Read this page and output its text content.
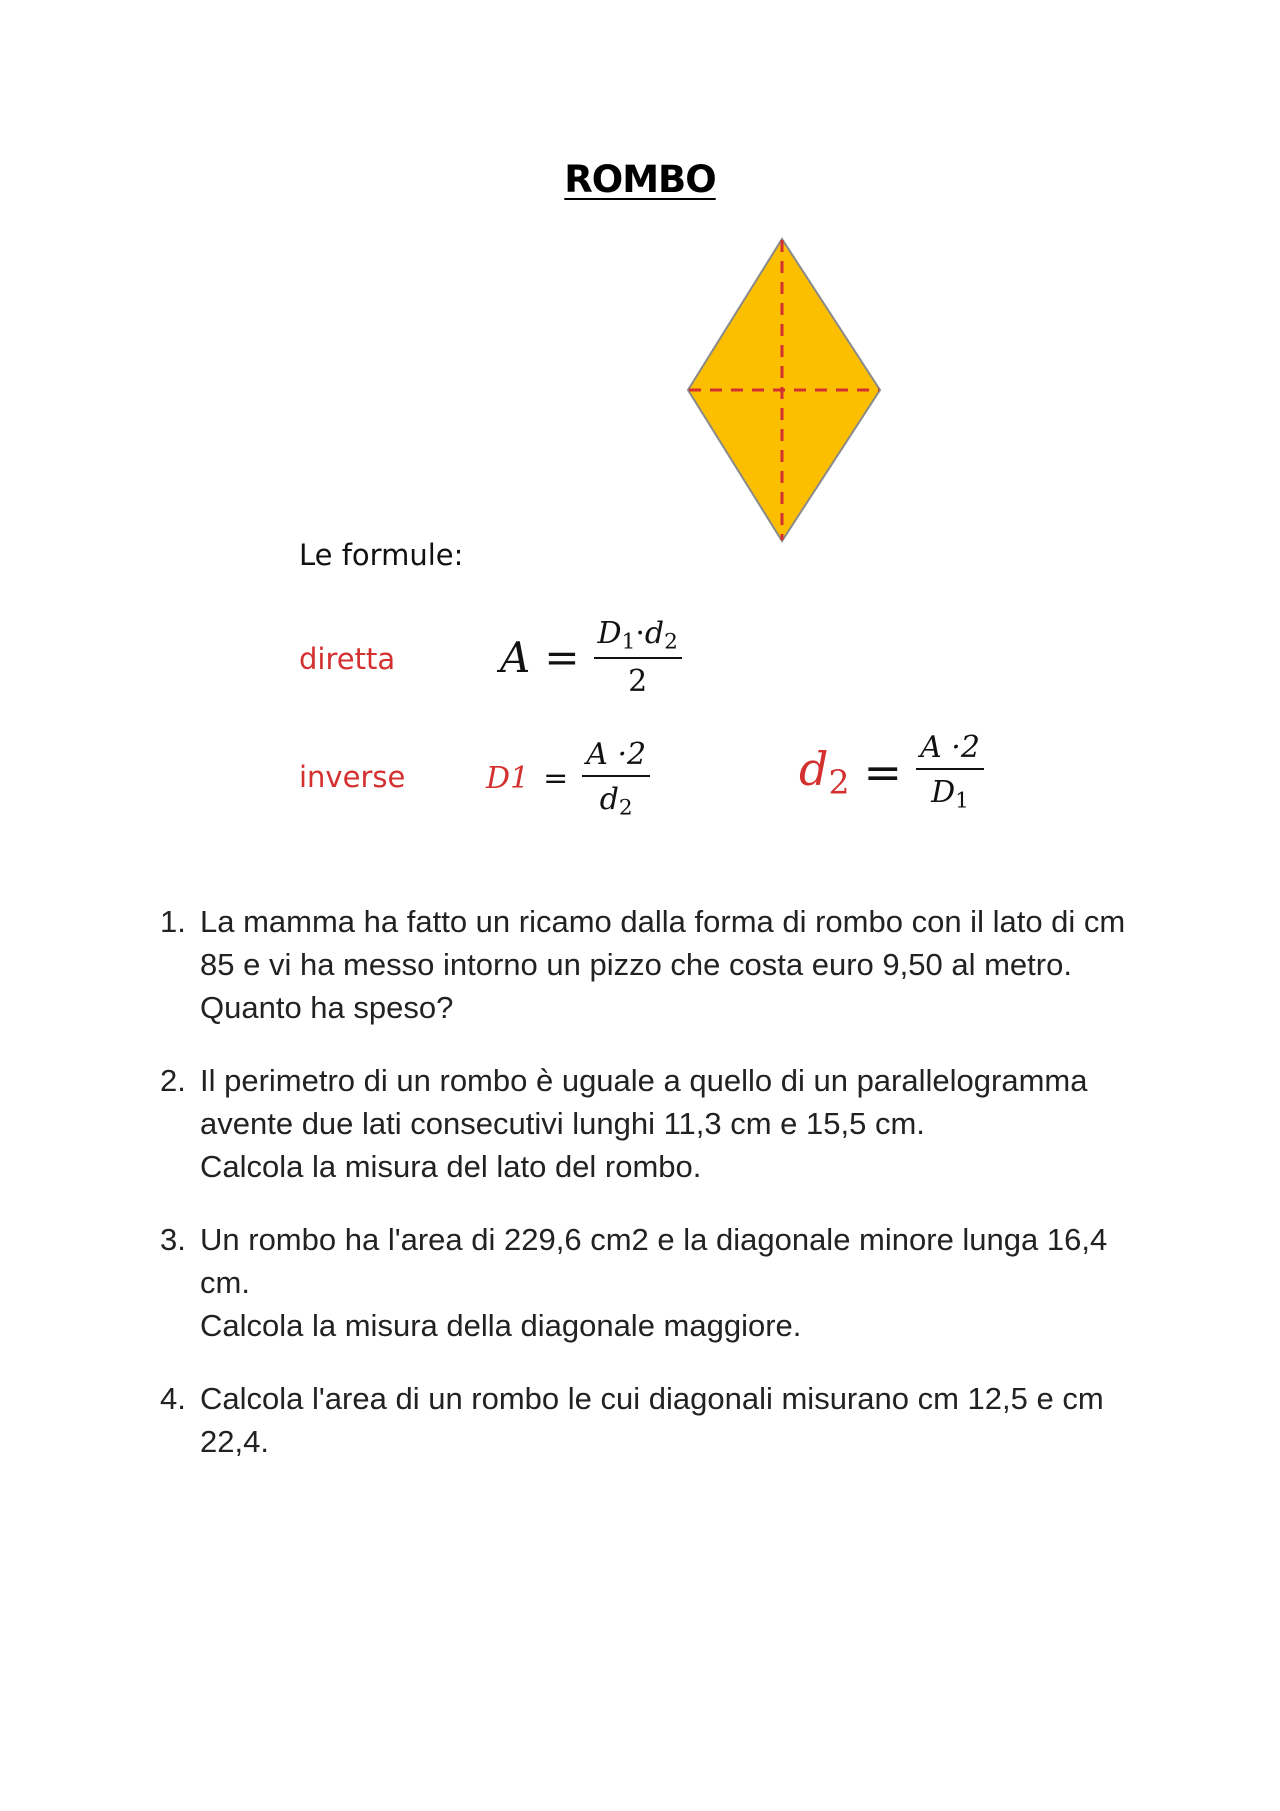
ROMBO
Le formule:
diretta
inverse
$A = \frac{D_1\cdot d_2}{2}$
$D1 = \frac{A \cdot 2}{d_2}$	$d_2 = \frac{A \cdot 2}{D_1}$
1. La mamma ha fatto un ricamo dalla forma di rombo con il lato di cm 85 e vi ha messo intorno un pizzo che costa euro 9,50 al metro.

Quanto ha speso?

2. Il perimetro di un rombo è uguale a quello di un parallelogramma avente due lati consecutivi lunghi 11,3 cm e 15,5 cm.

Calcola la misura del lato del rombo.

3. Un rombo ha l'area di 229,6 cm2 e la diagonale minore lunga 16,4 cm.

Calcola la misura della diagonale maggiore.

4. Calcola l'area di un rombo le cui diagonali misurano cm 12,5 e cm 22,4.
